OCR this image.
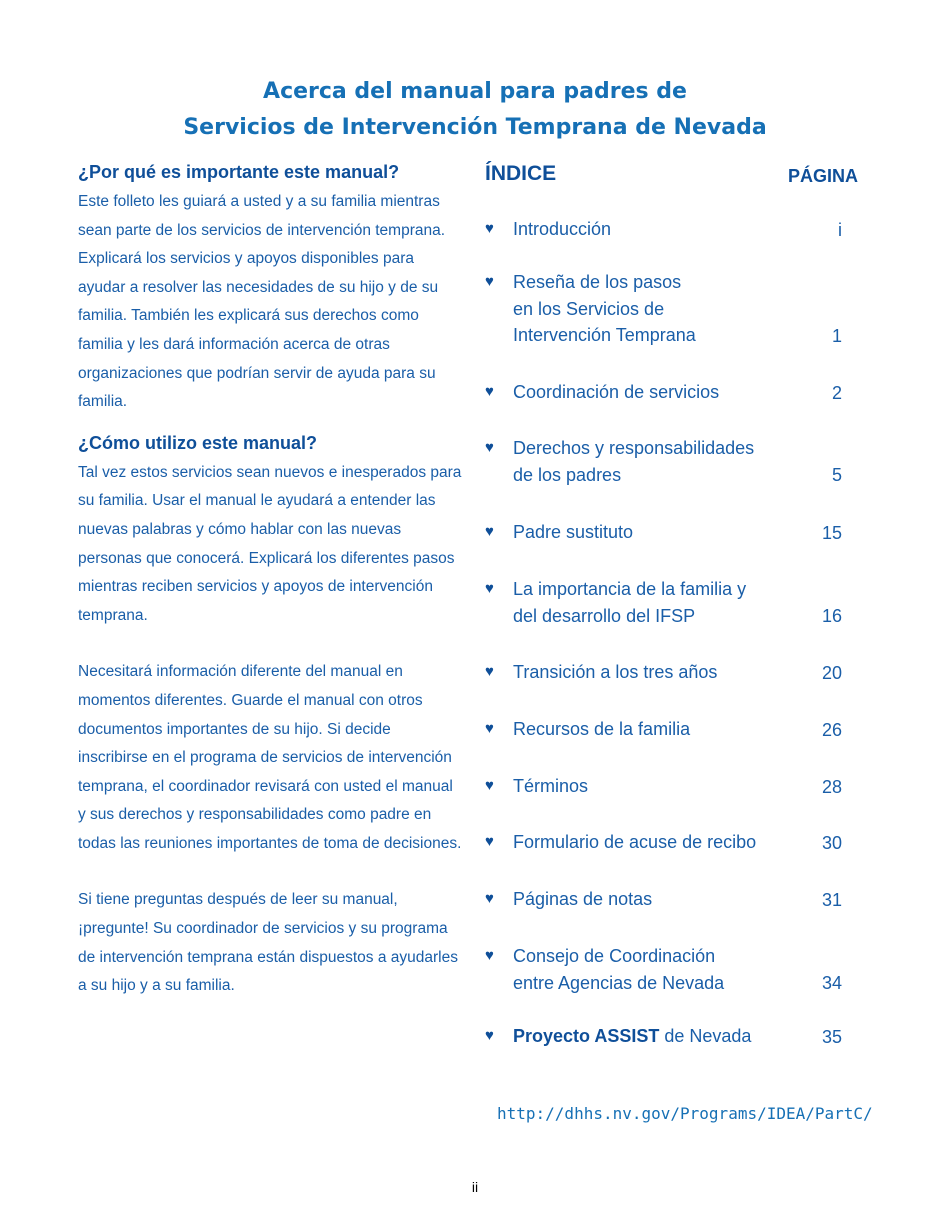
Acerca del manual para padres de
Servicios de Intervención Temprana de Nevada

¿Por qué es importante este manual?

Este folleto les guiará a usted y a su familia mientras sean parte de los servicios de intervención temprana. Explicará los servicios y apoyos disponibles para ayudar a resolver las necesidades de su hijo y de su familia. También les explicará sus derechos como familia y les dará información acerca de otras organizaciones que podrían servir de ayuda para su familia.

¿Cómo utilizo este manual?

Tal vez estos servicios sean nuevos e inesperados para su familia. Usar el manual le ayudará a entender las nuevas palabras y cómo hablar con las nuevas personas que conocerá. Explicará los diferentes pasos mientras reciben servicios y apoyos de intervención temprana.

Necesitará información diferente del manual en momentos diferentes. Guarde el manual con otros documentos importantes de su hijo. Si decide inscribirse en el programa de servicios de intervención temprana, el coordinador revisará con usted el manual y sus derechos y responsabilidades como padre en todas las reuniones importantes de toma de decisiones.

Si tiene preguntas después de leer su manual, ¡pregunte! Su coordinador de servicios y su programa de intervención temprana están dispuestos a ayudarles a su hijo y a su familia.

ÍNDICE	PÁGINA
♥ Introducción	i
♥ Reseña de los pasos
en los Servicios de
Intervención Temprana	1
♥ Coordinación de servicios	2
♥ Derechos y responsabilidades
de los padres	5
♥ Padre sustituto	15
♥ La importancia de la familia y
del desarrollo del IFSP	16
♥ Transición a los tres años	20
♥ Recursos de la familia	26
♥ Términos	28
♥ Formulario de acuse de recibo	30
♥ Páginas de notas	31
♥ Consejo de Coordinación
entre Agencias de Nevada	34
♥ Proyecto ASSIST de Nevada	35
http://dhhs.nv.gov/Programs/IDEA/PartC/
ii
